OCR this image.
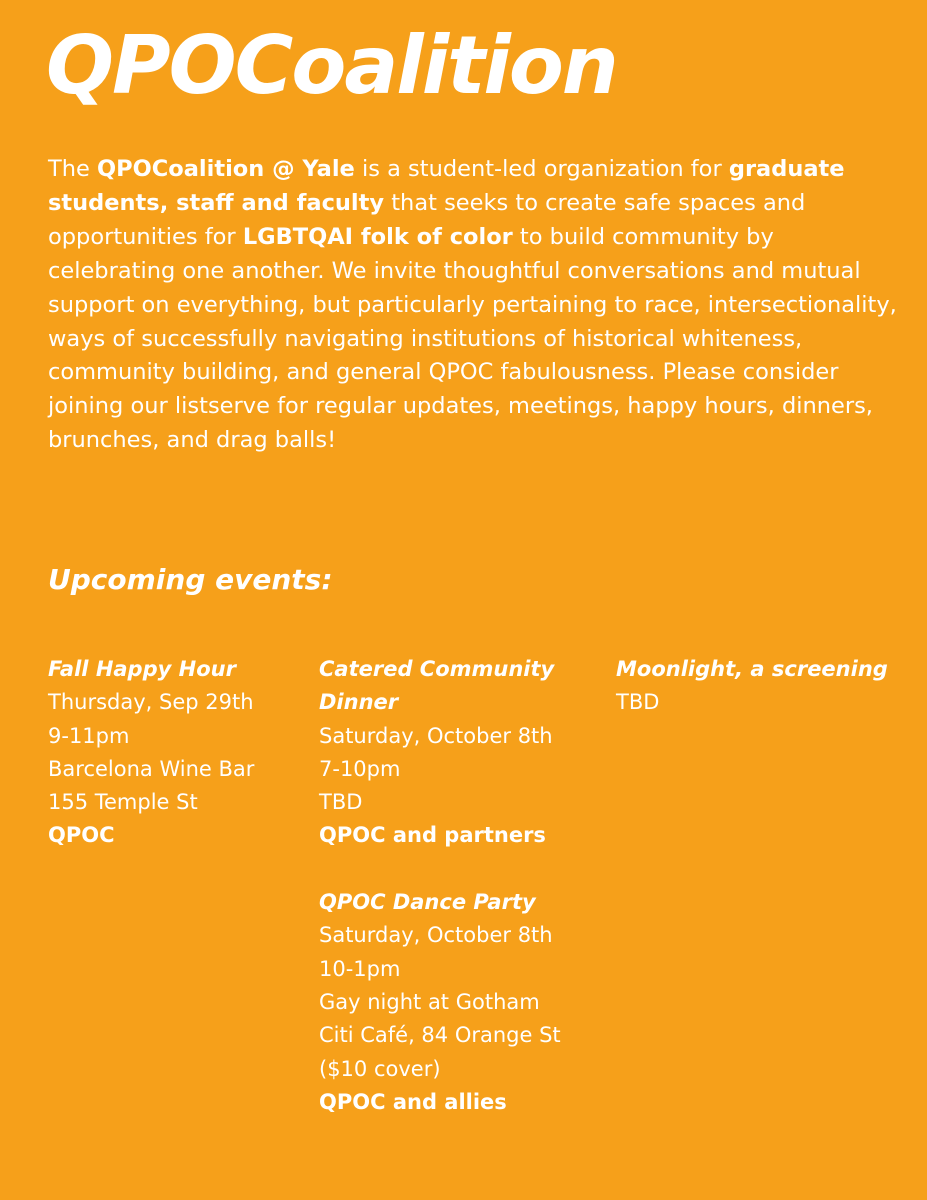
QPOCoalition

The QPOCoalition @ Yale is a student-led organization for graduate students, staff and faculty that seeks to create safe spaces and opportunities for LGBTQAI folk of color to build community by celebrating one another. We invite thoughtful conversations and mutual support on everything, but particularly pertaining to race, intersectionality, ways of successfully navigating institutions of historical whiteness, community building, and general QPOC fabulousness. Please consider joining our listserve for regular updates, meetings, happy hours, dinners, brunches, and drag balls!

Upcoming events:
Fall Happy Hour
Thursday, Sep 29th
9-11pm
Barcelona Wine Bar
155 Temple St
QPOC
Catered Community Dinner
Saturday, October 8th
7-10pm
TBD
QPOC and partners
QPOC Dance Party
Saturday, October 8th
10-1pm
Gay night at Gotham
Citi Café, 84 Orange St
($10 cover)
QPOC and allies
Moonlight, a screening
TBD
